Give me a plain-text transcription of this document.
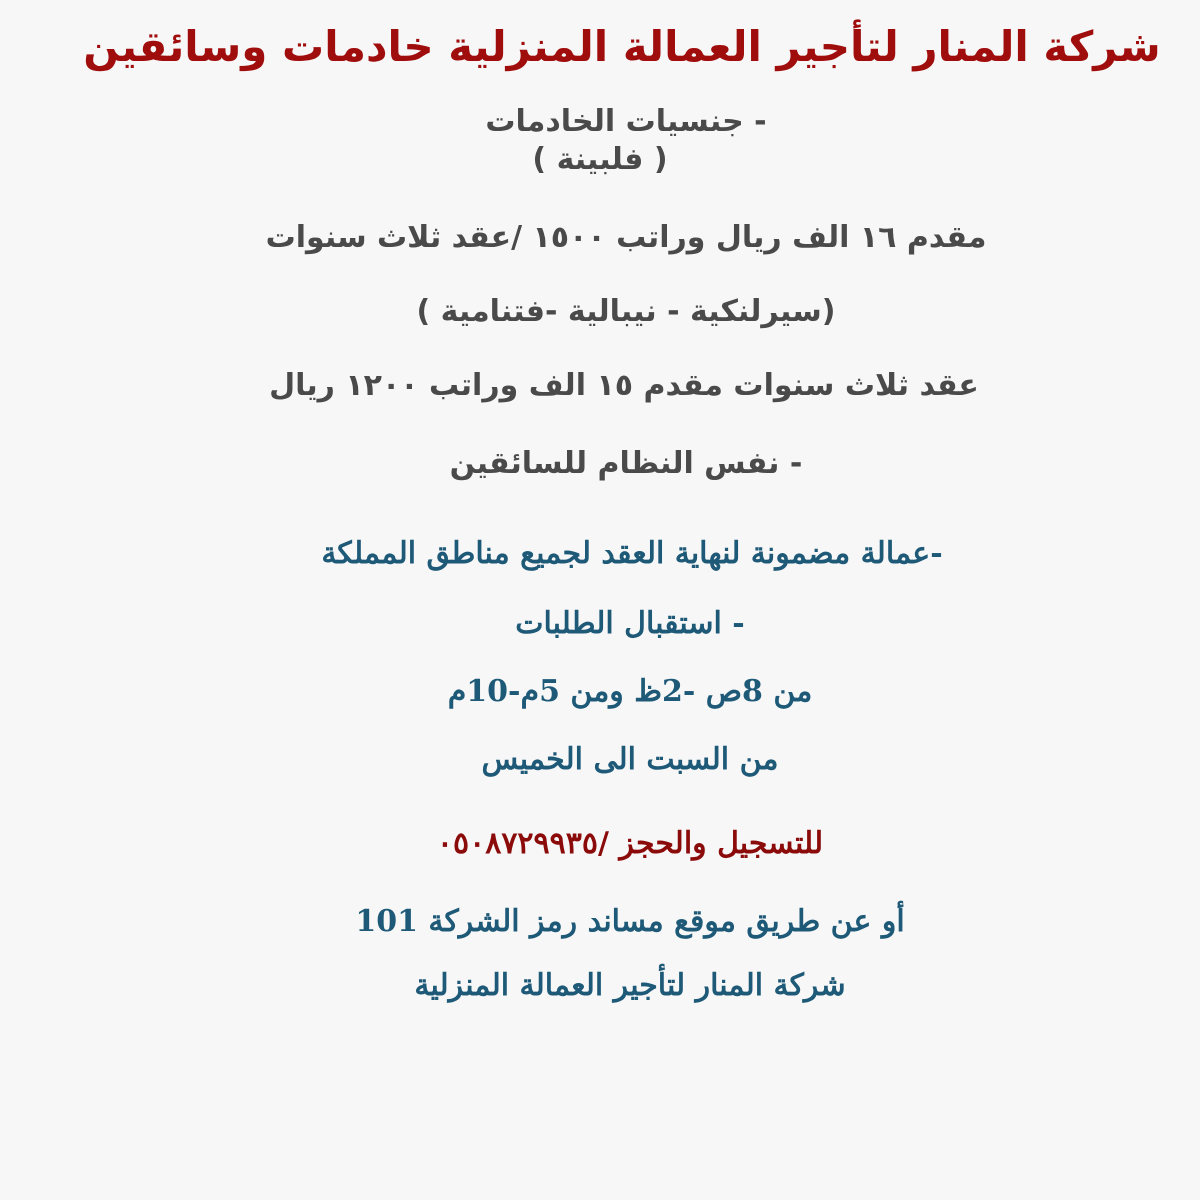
شركة المنار لتأجير العمالة المنزلية خادمات وسائقين
- جنسيات الخادمات
( فلبينة )
مقدم ١٦ الف ريال وراتب ١٥٠٠ /عقد ثلاث سنوات
(سيرلنكية - نيبالية -فتنامية )
عقد ثلاث سنوات مقدم ١٥ الف وراتب ١٢٠٠ ريال
- نفس النظام للسائقين
-عمالة مضمونة لنهاية العقد لجميع مناطق المملكة
- استقبال الطلبات
من 8ص -2ظ ومن 5م-10م
من السبت الى الخميس
للتسجيل والحجز /٠٥٠٨٧٢٩٩٣٥
أو عن طريق موقع مساند رمز الشركة 101
شركة المنار لتأجير العمالة المنزلية
